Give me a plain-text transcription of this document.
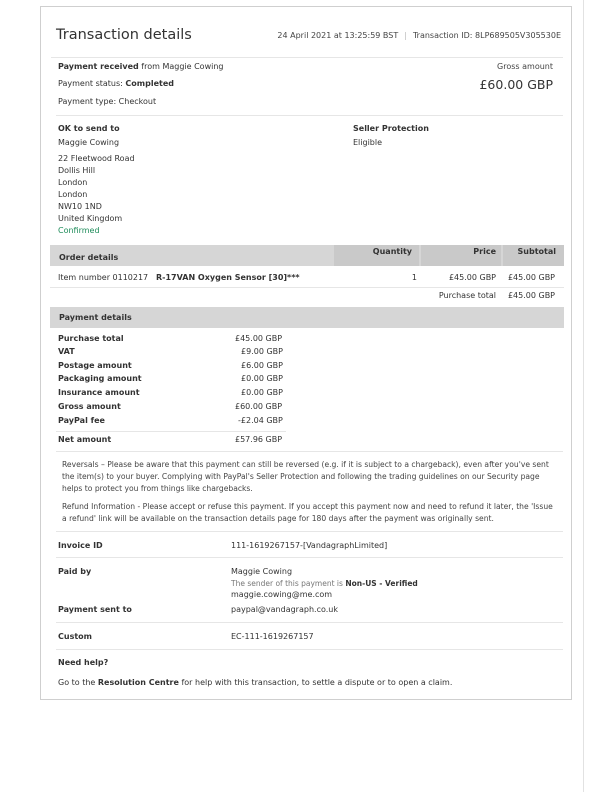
Transaction details	24 April 2021 at 13:25:59 BST | Transaction ID: 8LP689505V305530E
Payment received from Maggie Cowing
Payment status: Completed
Payment type: Checkout
Gross amount
£60.00 GBP
OK to send to
Maggie Cowing
22 Fleetwood Road
Dollis Hill
London
London
NW10 1ND
United Kingdom
Confirmed
Seller Protection
Eligible
Order details
Quantity	Price	Subtotal
Item number 0110217 R-17VAN Oxygen Sensor [30]***	1	£45.00 GBP £45.00 GBP
Purchase total £45.00 GBP
Payment details
Purchase total	£45.00 GBP
VAT	£9.00 GBP
Postage amount	£6.00 GBP
Packaging amount	£0.00 GBP
Insurance amount	£0.00 GBP
Gross amount	£60.00 GBP
PayPal fee	-£2.04 GBP
Net amount	£57.96 GBP
Reversals – Please be aware that this payment can still be reversed (e.g. if it is subject to a chargeback), even after you've sent the item(s) to your buyer. Complying with PayPal's Seller Protection and following the trading guidelines on our Security page helps to protect you from things like chargebacks.
Refund Information - Please accept or refuse this payment. If you accept this payment now and need to refund it later, the 'Issue a refund' link will be available on the transaction details page for 180 days after the payment was originally sent.
Invoice ID	111-1619267157-[VandagraphLimited]
Paid by	Maggie Cowing
The sender of this payment is Non-US - Verified
maggie.cowing@me.com
Payment sent to	paypal@vandagraph.co.uk
Custom	EC-111-1619267157
Need help?
Go to the Resolution Centre for help with this transaction, to settle a dispute or to open a claim.
